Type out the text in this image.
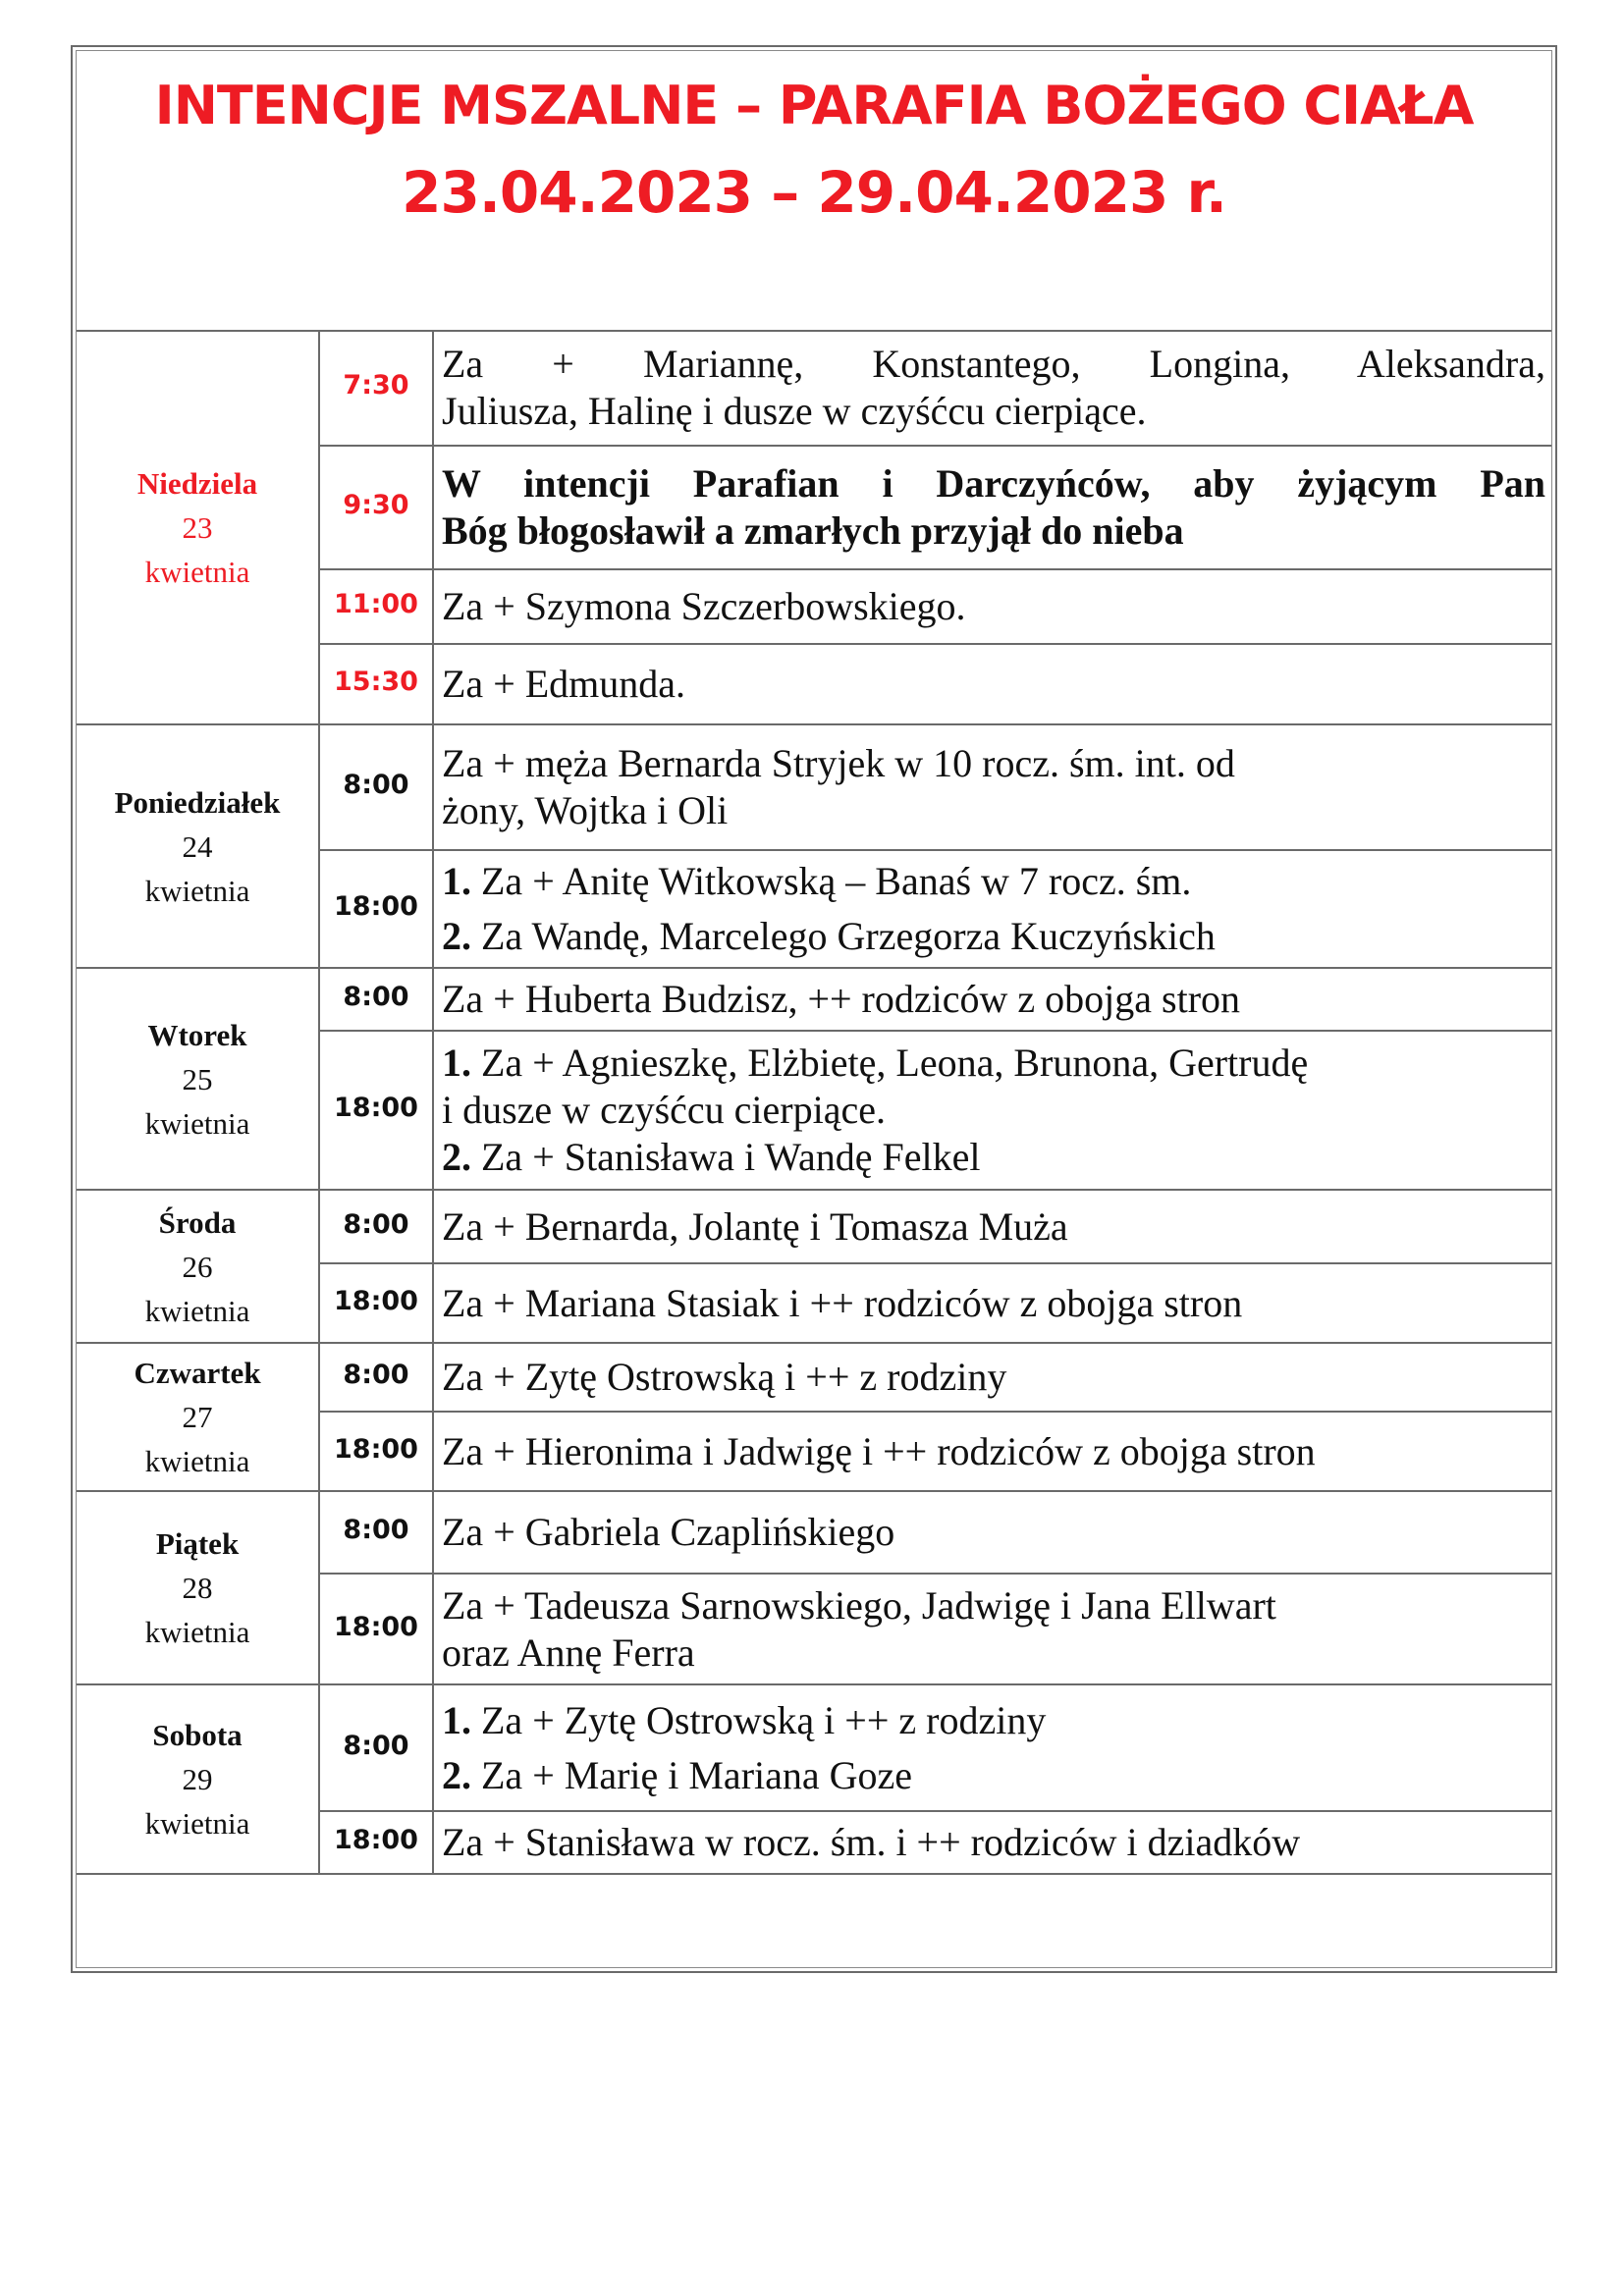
INTENCJE MSZALNE – PARAFIA BOŻEGO CIAŁA
23.04.2023 – 29.04.2023 r.
Niedziela
23
kwietnia
7:30 Za + Mariannę, Konstantego, Longina, Aleksandra,
Juliusza, Halinę i dusze w czyśćcu cierpiące.
9:30 W intencji Parafian i Darczyńców, aby żyjącym Pan
Bóg błogosławił a zmarłych przyjął do nieba
11:00 Za + Szymona Szczerbowskiego.
15:30 Za + Edmunda.
Poniedziałek
24
kwietnia
8:00 Za + męża Bernarda Stryjek w 10 rocz. śm. int. od
żony, Wojtka i Oli
18:00
1. Za + Anitę Witkowską – Banaś w 7 rocz. śm.
2. Za Wandę, Marcelego Grzegorza Kuczyńskich
Wtorek
25
kwietnia
8:00 Za + Huberta Budzisz, ++ rodziców z obojga stron
18:00
1. Za + Agnieszkę, Elżbietę, Leona, Brunona, Gertrudę
i dusze w czyśćcu cierpiące.
2. Za + Stanisława i Wandę Felkel
Środa
26
kwietnia
8:00 Za + Bernarda, Jolantę i Tomasza Muża
18:00 Za + Mariana Stasiak i ++ rodziców z obojga stron
Czwartek
27
kwietnia
8:00 Za + Zytę Ostrowską i ++ z rodziny
18:00 Za + Hieronima i Jadwigę i ++ rodziców z obojga stron
Piątek
28
kwietnia
8:00 Za + Gabriela Czaplińskiego
18:00 Za + Tadeusza Sarnowskiego, Jadwigę i Jana Ellwart
oraz Annę Ferra
Sobota
29
kwietnia
8:00
1. Za + Zytę Ostrowską i ++ z rodziny
2. Za + Marię i Mariana Goze
18:00 Za + Stanisława w rocz. śm. i ++ rodziców i dziadków
